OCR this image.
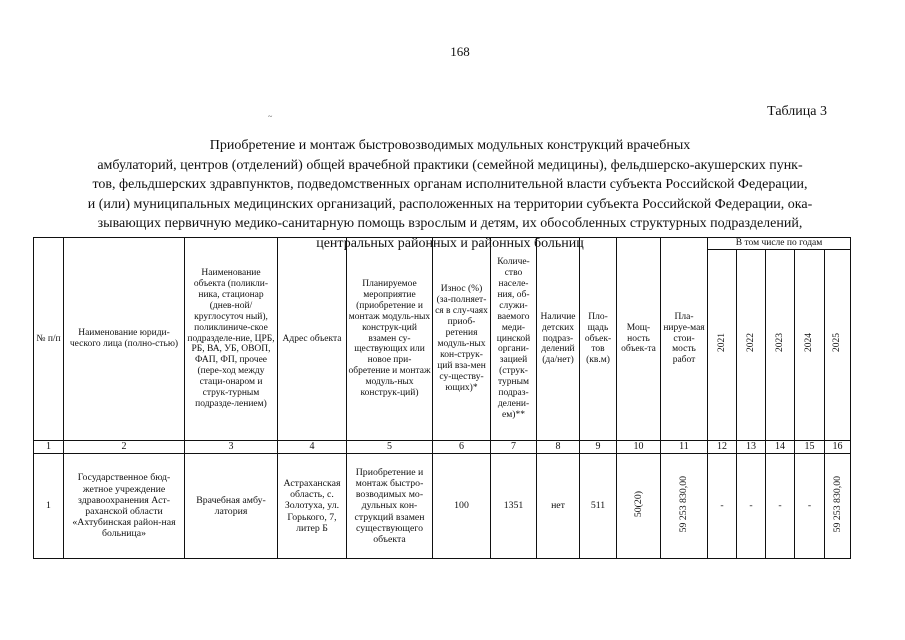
168
~	Таблица 3
Приобретение и монтаж быстровозводимых модульных конструкций врачебных
амбулаторий, центров (отделений) общей врачебной практики (семейной медицины), фельдшерско-акушерских пунк-
тов, фельдшерских здравпунктов, подведомственных органам исполнительной власти субъекта Российской Федерации,
и (или) муниципальных медицинских организаций, расположенных на территории субъекта Российской Федерации, ока-
зывающих первичную медико-санитарную помощь взрослым и детям, их обособленных структурных подразделений,
центральных районных и районных больниц
№ п/п	Наименование юриди-ческого лица (полно-стью)	Наименование объекта (поликли-ника, стационар (днев-ной/круглосуточ ный), поликлиниче-ское подразделе-ние, ЦРБ, РБ, ВА, УБ, ОВОП, ФАП, ФП, прочее (пере-ход между стаци-онаром и струк-турным подразде-лением)	Адрес объекта	Планируемое мероприятие (приобретение и монтаж модуль-ных конструк-ций взамен су-ществующих или новое при-обретение и монтаж модуль-ных конструк-ций)	Износ (%) (за-полняет-ся в слу-чаях приоб-ретения модуль-ных кон-струк-ций вза-мен су-ществу-ющих)*	Количе-ство населе-ния, об-служи-ваемого меди-цинской органи-зацией (струк-турным подраз-делени-ем)**	Наличие детских подраз-делений (да/нет)	Пло-щадь объек-тов (кв.м)	Мощ-ность объек-та	Пла-нируе-мая стои-мость работ	В том числе по годам				
											2021	2022	2023	2024	2025
1	2	3	4	5	6	7	8	9	10	11	12	13	14	15	16
1	Государственное бюд-жетное учреждение здравоохранения Аст-раханской области «Ахтубинская район-ная больница»	Врачебная амбу-латория	Астраханская область, с. Золотуха, ул. Горького, 7, литер Б	Приобретение и монтаж быстро-возводимых мо-дульных кон-струкций взамен существующего объекта	100	1351	нет	511	50(20)	59 253 830,00	-	-	-	-	59 253 830,00
